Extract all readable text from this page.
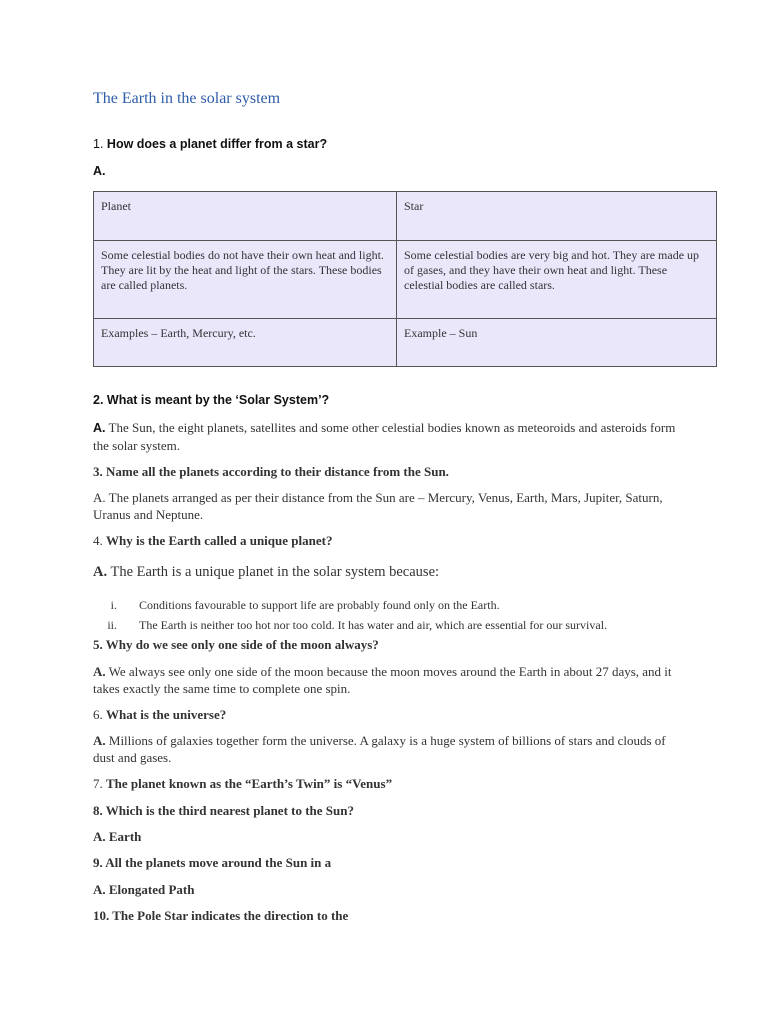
The Earth in the solar system
1. How does a planet differ from a star?
A.
Planet	Star
Some celestial bodies do not have their own heat and light. They are lit by the heat and light of the stars. These bodies are called planets.	Some celestial bodies are very big and hot. They are made up of gases, and they have their own heat and light. These celestial bodies are called stars.
Examples – Earth, Mercury, etc.	Example – Sun
2. What is meant by the ‘Solar System’?

A. The Sun, the eight planets, satellites and some other celestial bodies known as meteoroids and asteroids form the solar system.

3. Name all the planets according to their distance from the Sun.

A. The planets arranged as per their distance from the Sun are – Mercury, Venus, Earth, Mars, Jupiter, Saturn, Uranus and Neptune.

4. Why is the Earth called a unique planet?

A. The Earth is a unique planet in the solar system because:

i. Conditions favourable to support life are probably found only on the Earth.
ii. The Earth is neither too hot nor too cold. It has water and air, which are essential for our survival.
5. Why do we see only one side of the moon always?

A. We always see only one side of the moon because the moon moves around the Earth in about 27 days, and it takes exactly the same time to complete one spin.

6. What is the universe?

A. Millions of galaxies together form the universe. A galaxy is a huge system of billions of stars and clouds of dust and gases.

7. The planet known as the “Earth’s Twin” is “Venus”
8. Which is the third nearest planet to the Sun?
A. Earth
9. All the planets move around the Sun in a
A. Elongated Path
10. The Pole Star indicates the direction to the
